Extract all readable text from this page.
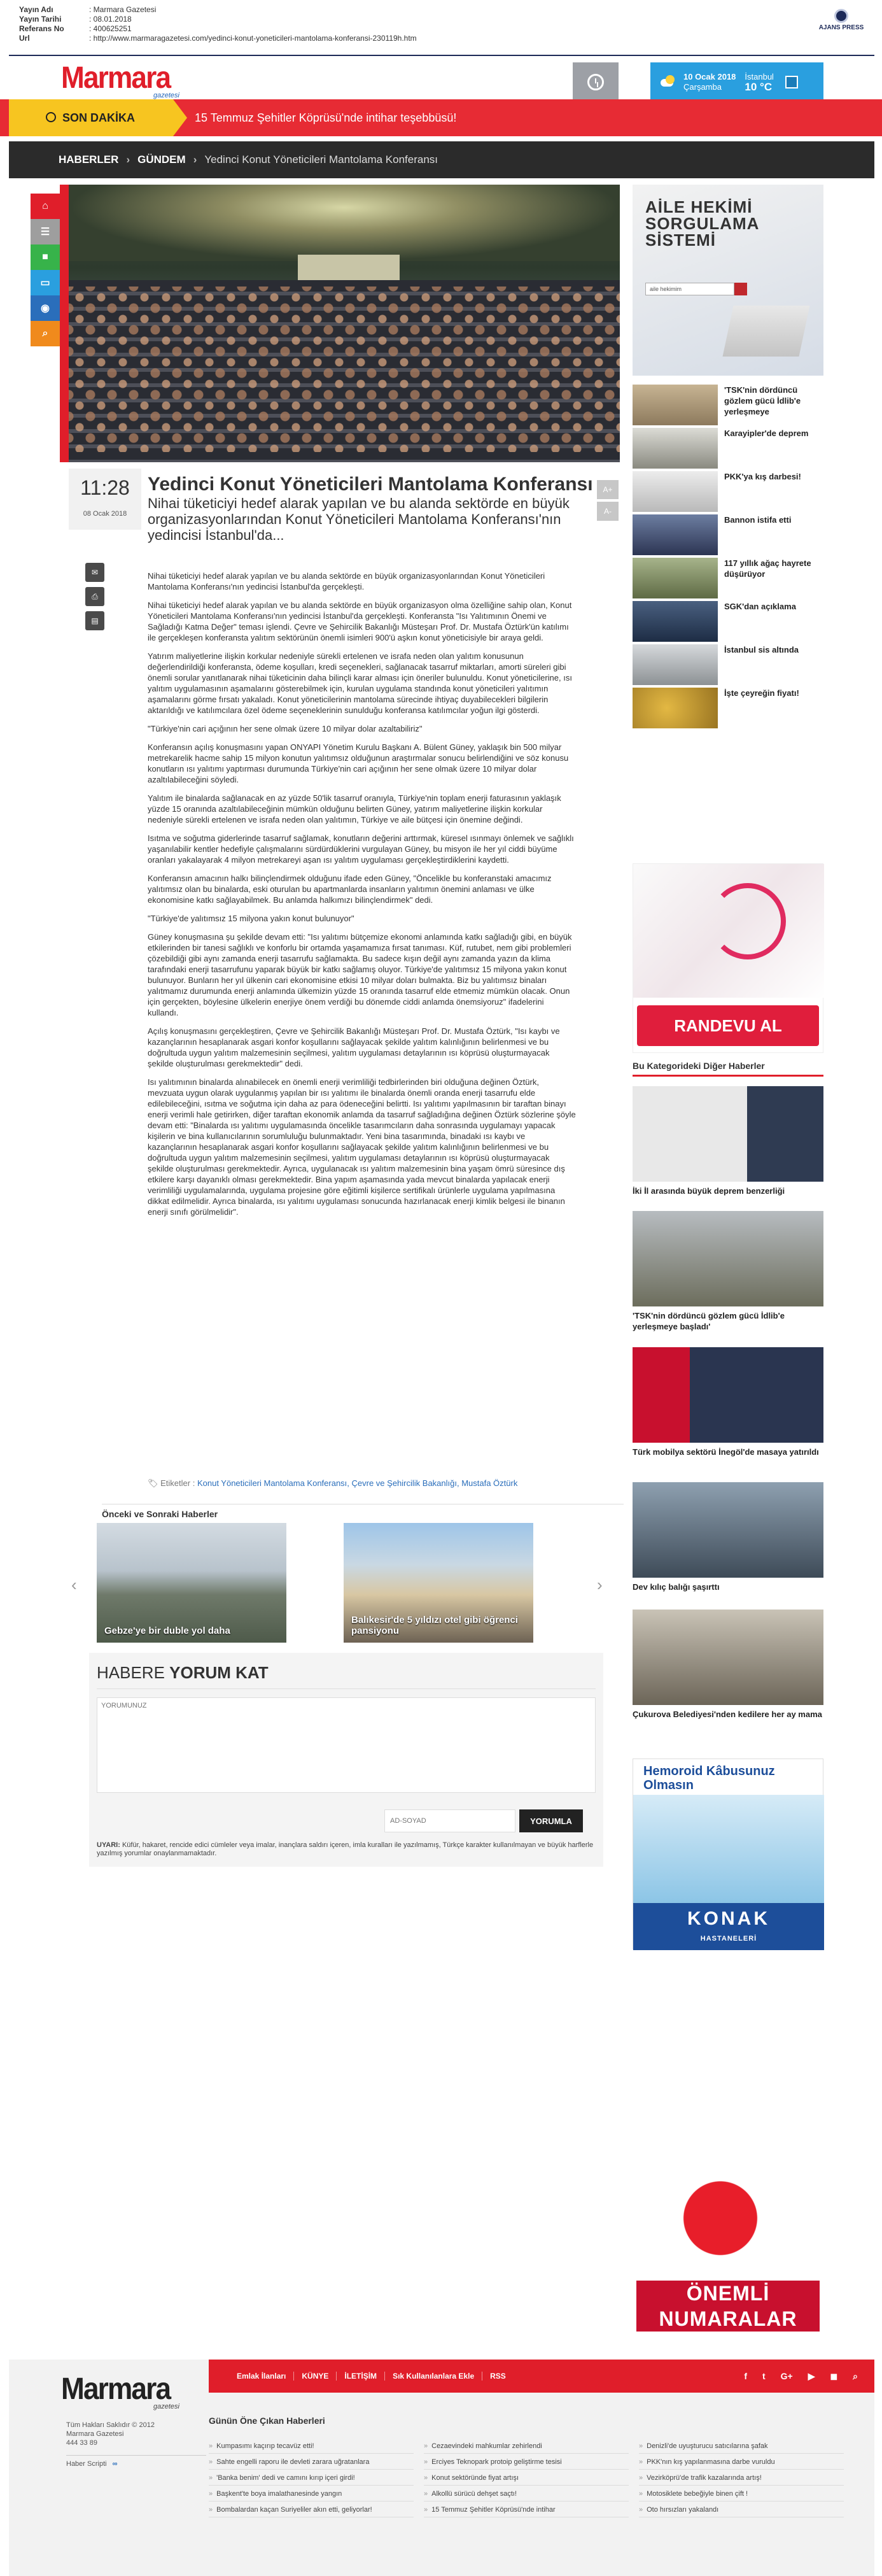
Yayın Adı	: Marmara Gazetesi
Yayın Tarihi	: 08.01.2018
Referans No	: 400625251
Url	: http://www.marmaragazetesi.com/yedinci-konut-yoneticileri-mantolama-konferansi-230119h.htm
AJANS PRESS
Marmara
gazetesi
10 Ocak 2018
Çarşamba
İstanbul
10 °C
SON DAKİKA	15 Temmuz Şehitler Köprüsü'nde intihar teşebbüsü!
HABERLER › GÜNDEM › Yedinci Konut Yöneticileri Mantolama Konferansı
⌂
☰
■
▭
◉
⌕
11:28
08 Ocak 2018
Yedinci Konut Yöneticileri Mantolama Konferansı
Nihai tüketiciyi hedef alarak yapılan ve bu alanda sektörde en büyük organizasyonlarından Konut Yöneticileri Mantolama Konferansı'nın yedincisi İstanbul'da...
A+
A-
✉
⎙
▤

Nihai tüketiciyi hedef alarak yapılan ve bu alanda sektörde en büyük organizasyonlarından Konut Yöneticileri Mantolama Konferansı'nın yedincisi İstanbul'da gerçekleşti.

Nihai tüketiciyi hedef alarak yapılan ve bu alanda sektörde en büyük organizasyon olma özelliğine sahip olan, Konut Yöneticileri Mantolama Konferansı'nın yedincisi İstanbul'da gerçekleşti. Konferansta "Isı Yalıtımının Önemi ve Sağladığı Katma Değer" teması işlendi. Çevre ve Şehircilik Bakanlığı Müsteşarı Prof. Dr. Mustafa Öztürk'ün katılımı ile gerçekleşen konferansta yalıtım sektörünün önemli isimleri 900'ü aşkın konut yöneticisiyle bir araya geldi.

Yatırım maliyetlerine ilişkin korkular nedeniyle sürekli ertelenen ve israfa neden olan yalıtım konusunun değerlendirildiği konferansta, ödeme koşulları, kredi seçenekleri, sağlanacak tasarruf miktarları, amorti süreleri gibi önemli sorular yanıtlanarak nihai tüketicinin daha bilinçli karar alması için öneriler bulunuldu. Konut yöneticilerine, ısı yalıtım uygulamasının aşamalarını gösterebilmek için, kurulan uygulama standında konut yöneticileri yalıtımın aşamalarını görme fırsatı yakaladı. Konut yöneticilerinin mantolama sürecinde ihtiyaç duyabilecekleri bilgilerin aktarıldığı ve katılımcılara özel ödeme seçeneklerinin sunulduğu konferansa katılımcılar yoğun ilgi gösterdi.

"Türkiye'nin cari açığının her sene olmak üzere 10 milyar dolar azaltabiliriz"

Konferansın açılış konuşmasını yapan ONYAPI Yönetim Kurulu Başkanı A. Bülent Güney, yaklaşık bin 500 milyar metrekarelik hacme sahip 15 milyon konutun yalıtımsız olduğunun araştırmalar sonucu belirlendiğini ve söz konusu konutların ısı yalıtımı yaptırması durumunda Türkiye'nin cari açığının her sene olmak üzere 10 milyar dolar azaltılabileceğini söyledi.

Yalıtım ile binalarda sağlanacak en az yüzde 50'lik tasarruf oranıyla, Türkiye'nin toplam enerji faturasının yaklaşık yüzde 15 oranında azaltılabileceğinin mümkün olduğunu belirten Güney, yatırım maliyetlerine ilişkin korkular nedeniyle sürekli ertelenen ve israfa neden olan yalıtımın, Türkiye ve aile bütçesi için önemine değindi.

Isıtma ve soğutma giderlerinde tasarruf sağlamak, konutların değerini arttırmak, küresel ısınmayı önlemek ve sağlıklı yaşanılabilir kentler hedefiyle çalışmalarını sürdürdüklerini vurgulayan Güney, bu misyon ile her yıl ciddi büyüme oranları yakalayarak 4 milyon metrekareyi aşan ısı yalıtım uygulaması gerçekleştirdiklerini kaydetti.

Konferansın amacının halkı bilinçlendirmek olduğunu ifade eden Güney, "Öncelikle bu konferanstaki amacımız yalıtımsız olan bu binalarda, eski oturulan bu apartmanlarda insanların yalıtımın önemini anlaması ve ülke ekonomisine katkı sağlayabilmek. Bu anlamda halkımızı bilinçlendirmek" dedi.

"Türkiye'de yalıtımsız 15 milyona yakın konut bulunuyor"

Güney konuşmasına şu şekilde devam etti: "Isı yalıtımı bütçemize ekonomi anlamında katkı sağladığı gibi, en büyük etkilerinden bir tanesi sağlıklı ve konforlu bir ortamda yaşamamıza fırsat tanıması. Küf, rutubet, nem gibi problemleri çözebildiği gibi aynı zamanda enerji tasarrufu sağlamakta. Bu sadece kışın değil aynı zamanda yazın da klima tarafındaki enerji tasarrufunu yaparak büyük bir katkı sağlamış oluyor. Türkiye'de yalıtımsız 15 milyona yakın konut bulunuyor. Bunların her yıl ülkenin cari ekonomisine etkisi 10 milyar doları bulmakta. Biz bu yalıtımsız binaları yalıtmamız durumunda enerji anlamında ülkemizin yüzde 15 oranında tasarruf elde etmemiz mümkün olacak. Onun için gerçekten, böylesine ülkelerin enerjiye önem verdiği bu dönemde ciddi anlamda önemsiyoruz" ifadelerini kullandı.

Açılış konuşmasını gerçekleştiren, Çevre ve Şehircilik Bakanlığı Müsteşarı Prof. Dr. Mustafa Öztürk, "Isı kaybı ve kazançlarının hesaplanarak asgari konfor koşullarını sağlayacak şekilde yalıtım kalınlığının belirlenmesi ve bu doğrultuda uygun yalıtım malzemesinin seçilmesi, yalıtım uygulaması detaylarının ısı köprüsü oluşturmayacak şekilde oluşturulması gerekmektedir" dedi.

Isı yalıtımının binalarda alınabilecek en önemli enerji verimliliği tedbirlerinden biri olduğuna değinen Öztürk, mevzuata uygun olarak uygulanmış yapılan bir ısı yalıtımı ile binalarda önemli oranda enerji tasarrufu elde edilebileceğini, ısıtma ve soğutma için daha az para ödeneceğini belirtti. Isı yalıtımı yapılmasının bir taraftan binayı enerji verimli hale getirirken, diğer taraftan ekonomik anlamda da tasarruf sağladığına değinen Öztürk sözlerine şöyle devam etti: "Binalarda ısı yalıtımı uygulamasında öncelikle tasarımcıların daha sonrasında uygulamayı yapacak kişilerin ve bina kullanıcılarının sorumluluğu bulunmaktadır. Yeni bina tasarımında, binadaki ısı kaybı ve kazançlarının hesaplanarak asgari konfor koşullarını sağlayacak şekilde yalıtım kalınlığının belirlenmesi ve bu doğrultuda uygun yalıtım malzemesinin seçilmesi, yalıtım uygulaması detaylarının ısı köprüsü oluşturmayacak şekilde oluşturulması gerekmektedir. Ayrıca, uygulanacak ısı yalıtım malzemesinin bina yaşam ömrü süresince dış etkilere karşı dayanıklı olması gerekmektedir. Bina yapım aşamasında yada mevcut binalarda yapılacak enerji verimliliği uygulamalarında, uygulama projesine göre eğitimli kişilerce sertifikalı ürünlerle uygulama yapılmasına dikkat edilmelidir. Ayrıca binalarda, ısı yalıtımı uygulaması sonucunda hazırlanacak enerji kimlik belgesi ile binanın enerji sınıfı görülmelidir".

🏷 Etiketler : Konut Yöneticileri Mantolama Konferansı, Çevre ve Şehircilik Bakanlığı, Mustafa Öztürk
Önceki ve Sonraki Haberler
‹
Gebze'ye bir duble yol daha
Balıkesir'de 5 yıldızı otel gibi öğrenci pansiyonu
›
HABERE YORUM KAT
YORUMUNUZ
AD-SOYAD
YORUMLA
UYARI: Küfür, hakaret, rencide edici cümleler veya imalar, inançlara saldırı içeren, imla kuralları ile yazılmamış, Türkçe karakter kullanılmayan ve büyük harflerle yazılmış yorumlar onaylanmamaktadır.
AİLE HEKİMİ
SORGULAMA
SİSTEMİ
aile hekimim
'TSK'nin dördüncü gözlem gücü İdlib'e yerleşmeye
Karayipler'de deprem
PKK'ya kış darbesi!
Bannon istifa etti
117 yıllık ağaç hayrete düşürüyor
SGK'dan açıklama
İstanbul sis altında
İşte çeyreğin fiyatı!
RANDEVU AL
Bu Kategorideki Diğer Haberler
İki İl arasında büyük deprem benzerliği
'TSK'nin dördüncü gözlem gücü İdlib'e yerleşmeye başladı'
Türk mobilya sektörü İnegöl'de masaya yatırıldı
Dev kılıç balığı şaşırttı
Çukurova Belediyesi'nden kedilere her ay mama
Hemoroid Kâbusunuz Olmasın
KONAK
HASTANELERİ
ÖNEMLİ
NUMARALAR
Emlak İlanları	KÜNYE	İLETİŞİM	Sık Kullanılanlara Ekle	RSS	f t G+ ▶ ◼ ⌕
Marmara
gazetesi
Tüm Hakları Saklıdır © 2012
Marmara Gazetesi
444 33 89
Haber Scripti ∞
Günün Öne Çıkan Haberleri
» Kumpasımı kaçırıp tecavüz etti!	» Cezaevindeki mahkumlar zehirlendi	» Denizli'de uyuşturucu satıcılarına şafak
» Sahte engelli raporu ile devleti zarara uğratanlara	» Erciyes Teknopark protoip geliştirme tesisi	» PKK'nın kış yapılanmasına darbe vuruldu
» 'Banka benim' dedi ve camını kırıp içeri girdi!	» Konut sektöründe fiyat artışı	» Vezirköprü'de trafik kazalarında artış!
» Başkent'te boya imalathanesinde yangın	» Alkollü sürücü dehşet saçtı!	» Motosiklete bebeğiyle binen çift !
» Bombalardan kaçan Suriyeliler akın etti, geliyorlar!	» 15 Temmuz Şehitler Köprüsü'nde intihar	» Oto hırsızları yakalandı
